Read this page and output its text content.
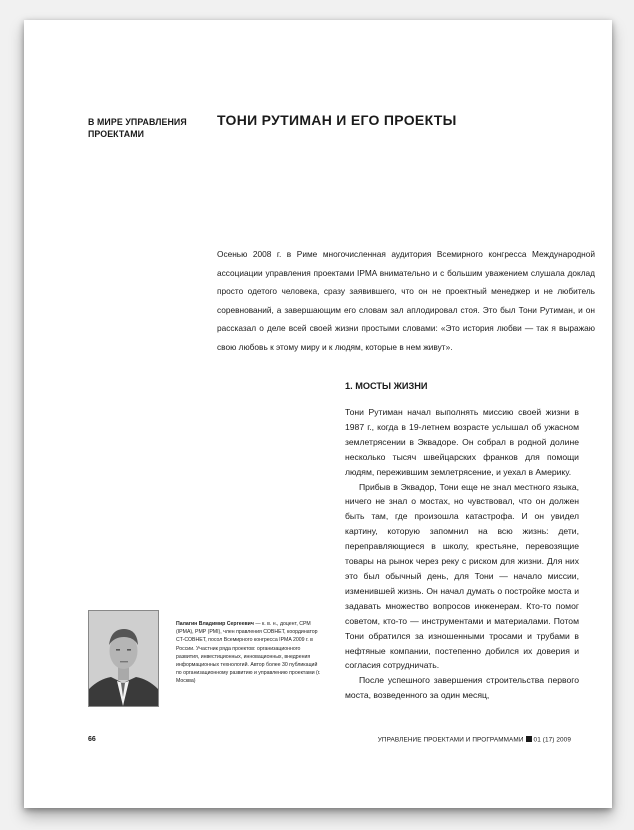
В МИРЕ УПРАВЛЕНИЯ ПРОЕКТАМИ
ТОНИ РУТИМАН И ЕГО ПРОЕКТЫ

Осенью 2008 г. в Риме многочисленная аудитория Всемирного конгресса Международной ассоциации управления проектами IPMA внимательно и с большим уважением слушала доклад просто одетого человека, сразу заявившего, что он не проектный менеджер и не любитель соревнований, а завершающим его словам зал аплодировал стоя. Это был Тони Рутиман, и он рассказал о деле всей своей жизни простыми словами: «Это история любви — так я выражаю свою любовь к этому миру и к людям, которые в нем живут».

1. МОСТЫ ЖИЗНИ

Тони Рутиман начал выполнять миссию своей жизни в 1987 г., когда в 19-летнем возрасте услышал об ужасном землетрясении в Эквадоре. Он собрал в родной долине несколько тысяч швейцарских франков для помощи людям, пережившим землетрясение, и уехал в Америку.

Прибыв в Эквадор, Тони еще не знал местного языка, ничего не знал о мостах, но чувствовал, что он должен быть там, где произошла катастрофа. И он увидел картину, которую запомнил на всю жизнь: дети, переправляющиеся в школу, крестьяне, перевозящие товары на рынок через реку с риском для жизни. Для них это был обычный день, для Тони — начало миссии, изменившей жизнь. Он начал думать о постройке моста и задавать множество вопросов инженерам. Кто-то помог советом, кто-то — инструментами и материалами. Потом Тони обратился за изношенными тросами и трубами в нефтяные компании, постепенно добился их доверия и согласия сотрудничать.

После успешного завершения строительства первого моста, возведенного за один месяц,

Палагин Владимир Сергеевич — к. в. н., доцент, CPM (IPMA), PMP (PMI), член правления СОВНЕТ, координатор CT-СОВНЕТ, посол Всемирного конгресса IPMA 2009 г. в России. Участник ряда проектов: организационного развития, инвестиционных, инновационных, внедрения информационных технологий. Автор более 30 публикаций по организационному развитию и управлению проектами (г. Москва)
66	УПРАВЛЕНИЕ ПРОЕКТАМИ И ПРОГРАММАМИ 01 (17) 2009
